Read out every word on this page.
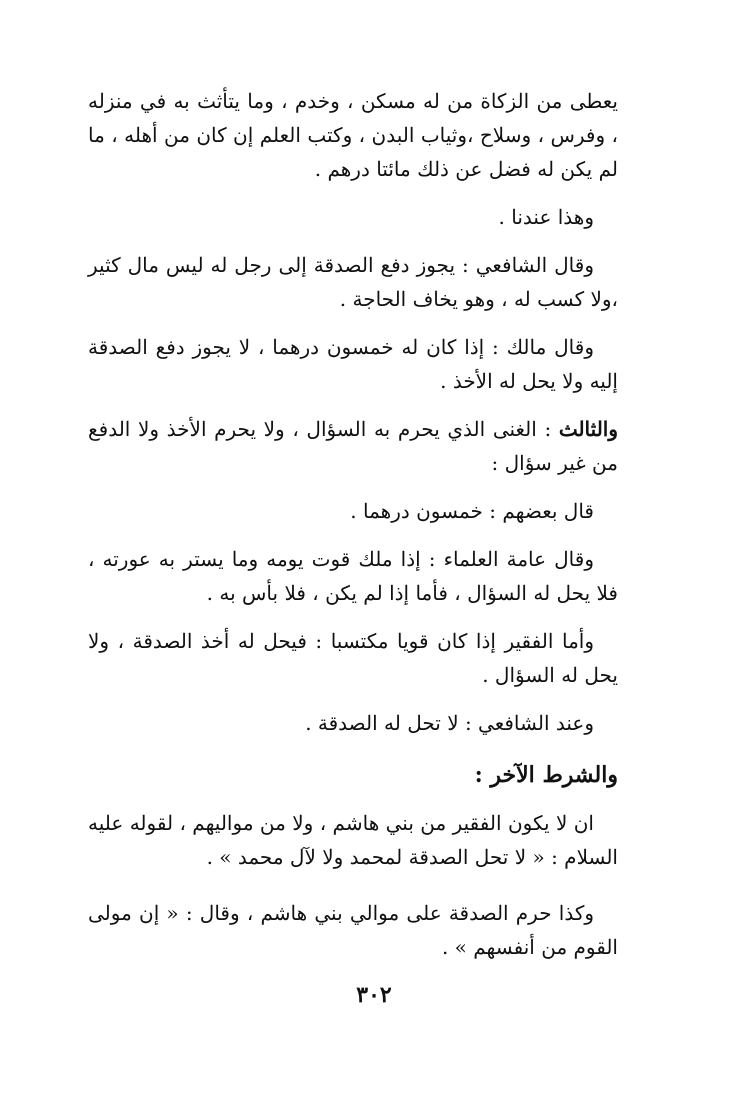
يعطى من الزكاة من له مسكن ، وخدم ، وما يتأثث به في منزله ، وفرس ، وسلاح ،وثياب البدن ، وكتب العلم إن كان من أهله ، ما لم يكن له فضل عن ذلك مائتا درهم .

وهذا عندنا .

وقال الشافعي : يجوز دفع الصدقة إلى رجل له ليس مال كثير ،ولا كسب له ، وهو يخاف الحاجة .

وقال مالك : إذا كان له خمسون درهما ، لا يجوز دفع الصدقة إليه ولا يحل له الأخذ .

والثالث : الغنى الذي يحرم به السؤال ، ولا يحرم الأخذ ولا الدفع من غير سؤال :

قال بعضهم : خمسون درهما .

وقال عامة العلماء : إذا ملك قوت يومه وما يستر به عورته ، فلا يحل له السؤال ، فأما إذا لم يكن ، فلا بأس به .

وأما الفقير إذا كان قويا مكتسبا : فيحل له أخذ الصدقة ، ولا يحل له السؤال .

وعند الشافعي : لا تحل له الصدقة .

والشرط الآخر :

ان لا يكون الفقير من بني هاشم ، ولا من مواليهم ، لقوله عليه السلام : « لا تحل الصدقة لمحمد ولا لآل محمد » .

وكذا حرم الصدقة على موالي بني هاشم ، وقال : « إن مولى القوم من أنفسهم » .

٣٠٢
